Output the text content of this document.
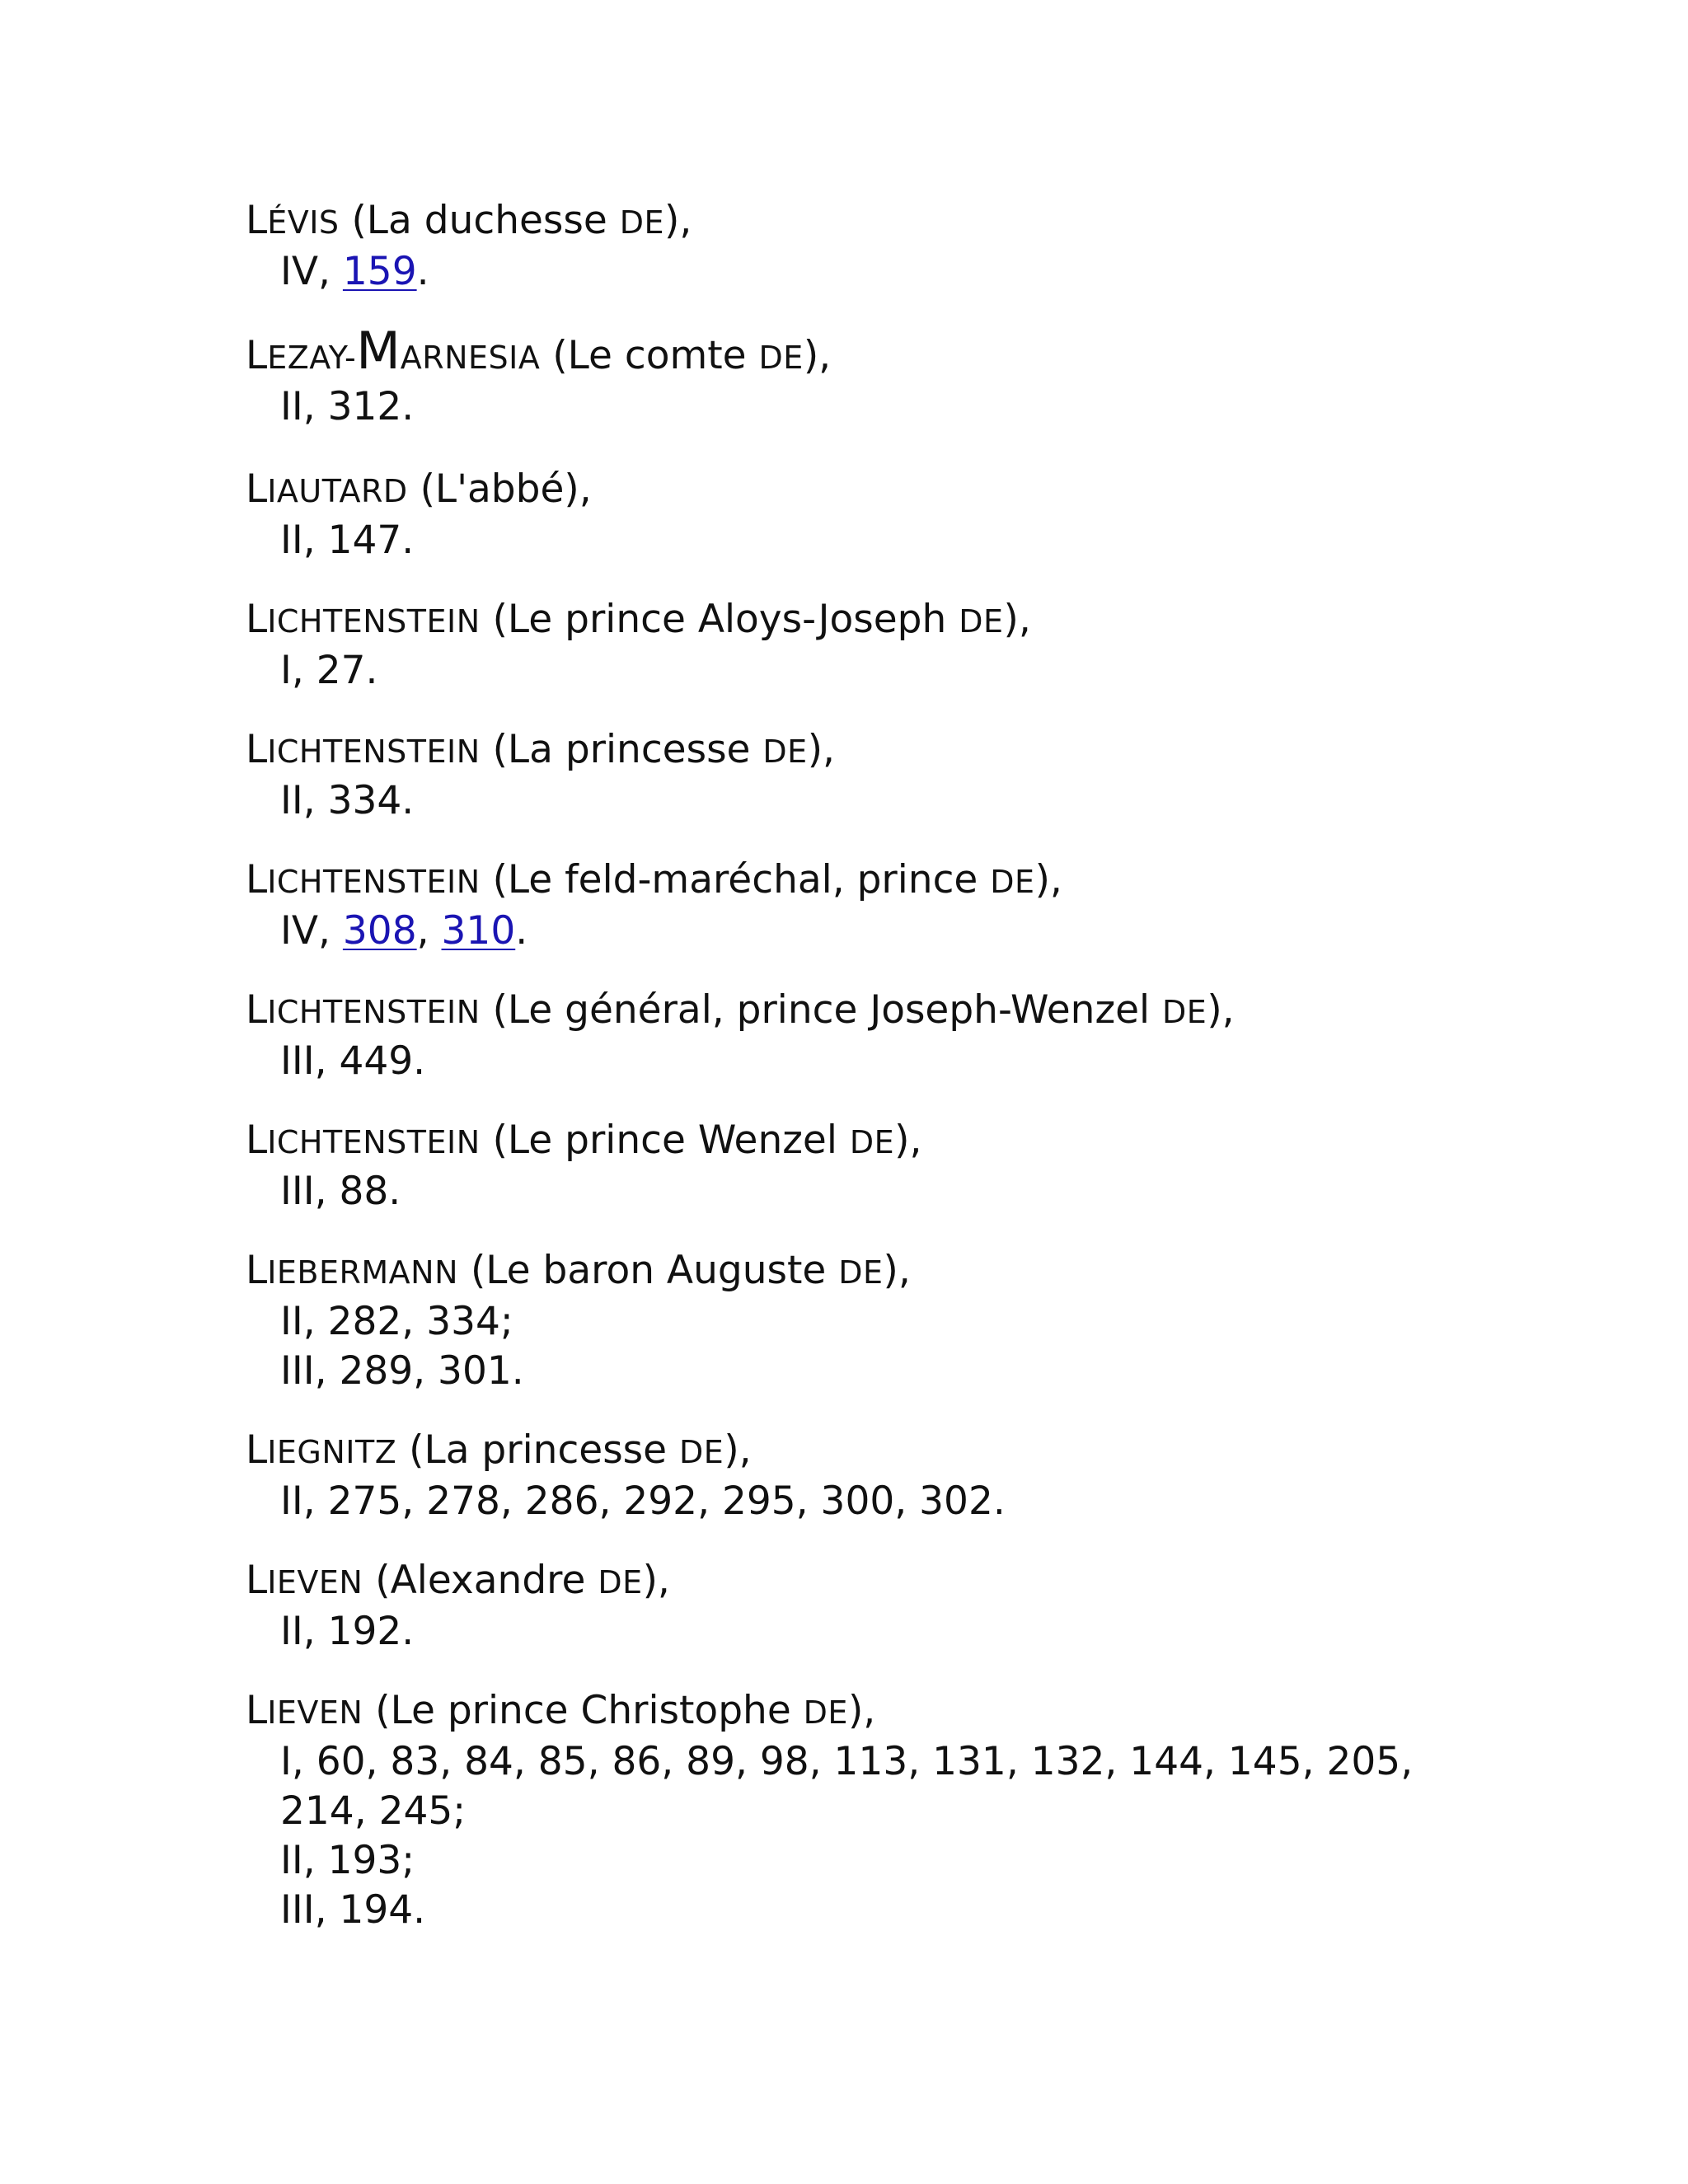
LÉVIS (La duchesse DE),
IV, 159.
LEZAY-MARNESIA (Le comte DE),
II, 312.
LIAUTARD (L'abbé),
II, 147.
LICHTENSTEIN (Le prince Aloys-Joseph DE),
I, 27.
LICHTENSTEIN (La princesse DE),
II, 334.
LICHTENSTEIN (Le feld-maréchal, prince DE),
IV, 308, 310.
LICHTENSTEIN (Le général, prince Joseph-Wenzel DE),
III, 449.
LICHTENSTEIN (Le prince Wenzel DE),
III, 88.
LIEBERMANN (Le baron Auguste DE),
II, 282, 334;
III, 289, 301.
LIEGNITZ (La princesse DE),
II, 275, 278, 286, 292, 295, 300, 302.
LIEVEN (Alexandre DE),
II, 192.
LIEVEN (Le prince Christophe DE),
I, 60, 83, 84, 85, 86, 89, 98, 113, 131, 132, 144, 145, 205,
214, 245;
II, 193;
III, 194.
